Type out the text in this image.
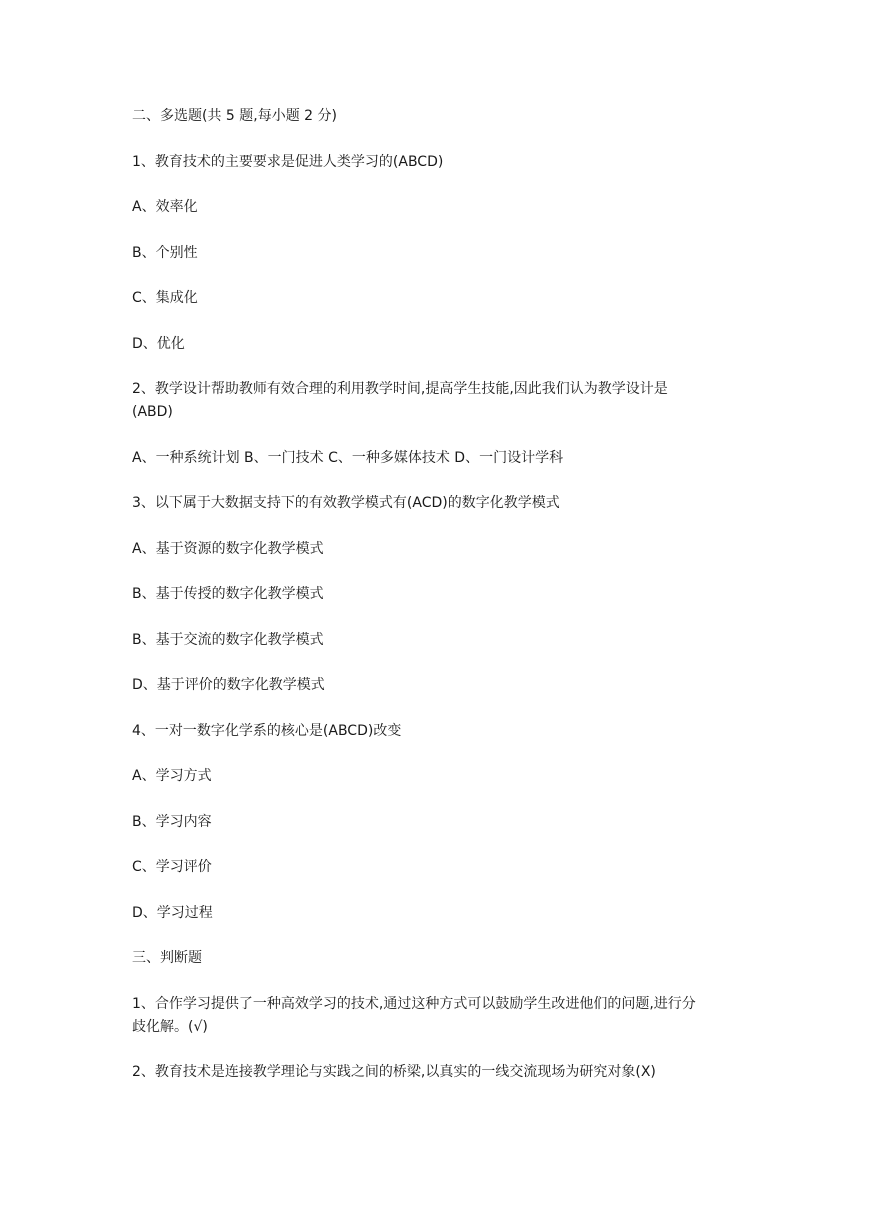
二、多选题(共 5 题,每小题 2 分)
1、教育技术的主要要求是促进人类学习的(ABCD)
A、效率化
B、个别性
C、集成化
D、优化
2、教学设计帮助教师有效合理的利用教学时间,提高学生技能,因此我们认为教学设计是
(ABD)
A、一种系统计划 B、一门技术 C、一种多媒体技术 D、一门设计学科
3、以下属于大数据支持下的有效教学模式有(ACD)的数字化教学模式
A、基于资源的数字化教学模式
B、基于传授的数字化教学模式
B、基于交流的数字化教学模式
D、基于评价的数字化教学模式
4、一对一数字化学系的核心是(ABCD)改变
A、学习方式
B、学习内容
C、学习评价
D、学习过程
三、判断题
1、合作学习提供了一种高效学习的技术,通过这种方式可以鼓励学生改进他们的问题,进行分
歧化解。(√)
2、教育技术是连接教学理论与实践之间的桥梁,以真实的一线交流现场为研究对象(X)
